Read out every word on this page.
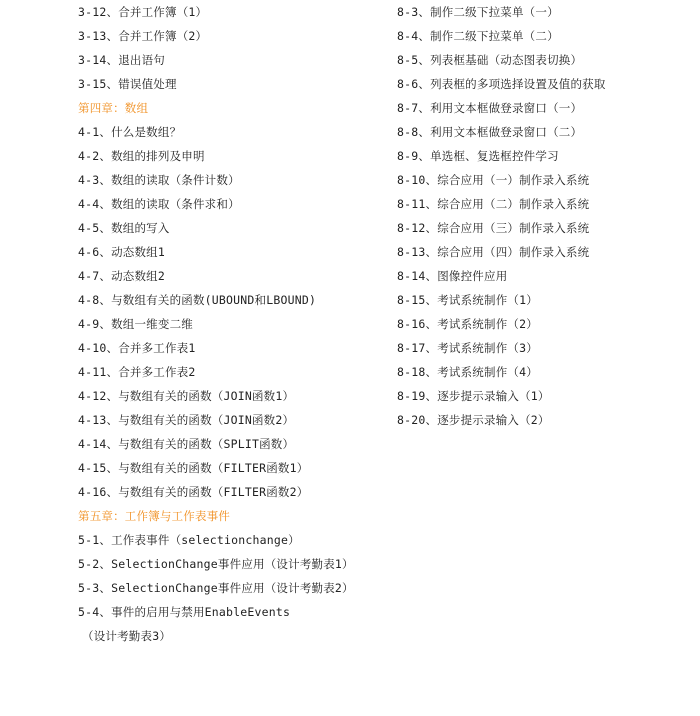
3-12、合并工作簿（1）
3-13、合并工作簿（2）
3-14、退出语句
3-15、错误值处理
第四章：数组
4-1、什么是数组？
4-2、数组的排列及申明
4-3、数组的读取（条件计数）
4-4、数组的读取（条件求和）
4-5、数组的写入
4-6、动态数组1
4-7、动态数组2
4-8、与数组有关的函数(UBOUND和LBOUND)
4-9、数组一维变二维
4-10、合并多工作表1
4-11、合并多工作表2
4-12、与数组有关的函数（JOIN函数1）
4-13、与数组有关的函数（JOIN函数2）
4-14、与数组有关的函数（SPLIT函数）
4-15、与数组有关的函数（FILTER函数1）
4-16、与数组有关的函数（FILTER函数2）
第五章：工作簿与工作表事件
5-1、工作表事件（selectionchange）
5-2、SelectionChange事件应用（设计考勤表1）
5-3、SelectionChange事件应用（设计考勤表2）
5-4、事件的启用与禁用EnableEvents
（设计考勤表3）
8-3、制作二级下拉菜单（一）
8-4、制作二级下拉菜单（二）
8-5、列表框基础（动态图表切换）
8-6、列表框的多项选择设置及值的获取
8-7、利用文本框做登录窗口（一）
8-8、利用文本框做登录窗口（二）
8-9、单选框、复选框控件学习
8-10、综合应用（一）制作录入系统
8-11、综合应用（二）制作录入系统
8-12、综合应用（三）制作录入系统
8-13、综合应用（四）制作录入系统
8-14、图像控件应用
8-15、考试系统制作（1）
8-16、考试系统制作（2）
8-17、考试系统制作（3）
8-18、考试系统制作（4）
8-19、逐步提示录输入（1）
8-20、逐步提示录输入（2）
